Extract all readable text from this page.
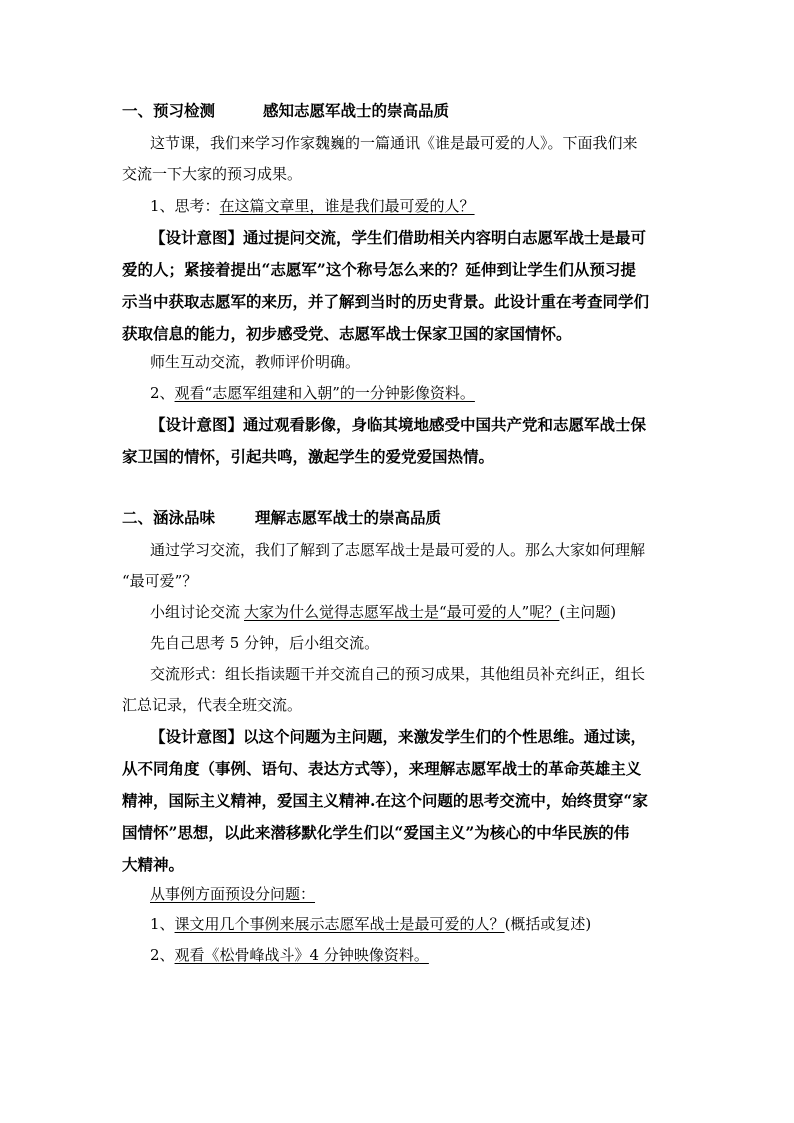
一、预习检测	感知志愿军战士的崇高品质
这节课，我们来学习作家魏巍的一篇通讯《谁是最可爱的人》。下面我们来
交流一下大家的预习成果。
1、思考：在这篇文章里，谁是我们最可爱的人？
【设计意图】通过提问交流，学生们借助相关内容明白志愿军战士是最可
爱的人；紧接着提出“志愿军”这个称号怎么来的？延伸到让学生们从预习提
示当中获取志愿军的来历，并了解到当时的历史背景。此设计重在考查同学们
获取信息的能力，初步感受党、志愿军战士保家卫国的家国情怀。
师生互动交流，教师评价明确。
2、观看“志愿军组建和入朝”的一分钟影像资料。
【设计意图】通过观看影像，身临其境地感受中国共产党和志愿军战士保
家卫国的情怀，引起共鸣，激起学生的爱党爱国热情。
二、涵泳品味	理解志愿军战士的崇高品质
通过学习交流，我们了解到了志愿军战士是最可爱的人。那么大家如何理解
“最可爱”？
小组讨论交流 大家为什么觉得志愿军战士是“最可爱的人”呢？(主问题)
先自己思考 5 分钟，后小组交流。
交流形式：组长指读题干并交流自己的预习成果，其他组员补充纠正，组长
汇总记录，代表全班交流。
【设计意图】以这个问题为主问题，来激发学生们的个性思维。通过读，
从不同角度（事例、语句、表达方式等），来理解志愿军战士的革命英雄主义
精神，国际主义精神，爱国主义精神.在这个问题的思考交流中，始终贯穿“家
国情怀”思想，以此来潜移默化学生们以“爱国主义”为核心的中华民族的伟
大精神。
从事例方面预设分问题：
1、课文用几个事例来展示志愿军战士是最可爱的人？(概括或复述)
2、观看《松骨峰战斗》4 分钟映像资料。
